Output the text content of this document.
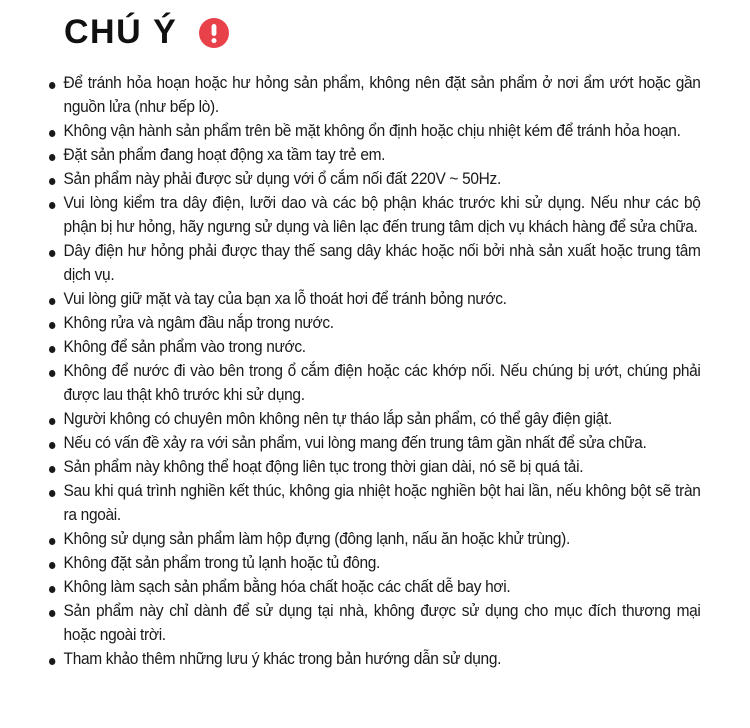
CHÚ Ý
Để tránh hỏa hoạn hoặc hư hỏng sản phẩm, không nên đặt sản phẩm ở nơi ẩm ướt hoặc gần nguồn lửa (như bếp lò).
Không vận hành sản phẩm trên bề mặt không ổn định hoặc chịu nhiệt kém để tránh hỏa hoạn.
Đặt sản phẩm đang hoạt động xa tầm tay trẻ em.
Sản phẩm này phải được sử dụng với ổ cắm nối đất 220V ~ 50Hz.
Vui lòng kiểm tra dây điện, lưỡi dao và các bộ phận khác trước khi sử dụng. Nếu như các bộ phận bị hư hỏng, hãy ngưng sử dụng và liên lạc đến trung tâm dịch vụ khách hàng để sửa chữa.
Dây điện hư hỏng phải được thay thế sang dây khác hoặc nối bởi nhà sản xuất hoặc trung tâm dịch vụ.
Vui lòng giữ mặt và tay của bạn xa lỗ thoát hơi để tránh bỏng nước.
Không rửa và ngâm đầu nắp trong nước.
Không để sản phẩm vào trong nước.
Không để nước đi vào bên trong ổ cắm điện hoặc các khớp nối. Nếu chúng bị ướt, chúng phải được lau thật khô trước khi sử dụng.
Người không có chuyên môn không nên tự tháo lắp sản phẩm, có thể gây điện giật.
Nếu có vấn đề xảy ra với sản phẩm, vui lòng mang đến trung tâm gần nhất để sửa chữa.
Sản phẩm này không thể hoạt động liên tục trong thời gian dài, nó sẽ bị quá tải.
Sau khi quá trình nghiền kết thúc, không gia nhiệt hoặc nghiền bột hai lần, nếu không bột sẽ tràn ra ngoài.
Không sử dụng sản phẩm làm hộp đựng (đông lạnh, nấu ăn hoặc khử trùng).
Không đặt sản phẩm trong tủ lạnh hoặc tủ đông.
Không làm sạch sản phẩm bằng hóa chất hoặc các chất dễ bay hơi.
Sản phẩm này chỉ dành để sử dụng tại nhà, không được sử dụng cho mục đích thương mại hoặc ngoài trời.
Tham khảo thêm những lưu ý khác trong bản hướng dẫn sử dụng.
